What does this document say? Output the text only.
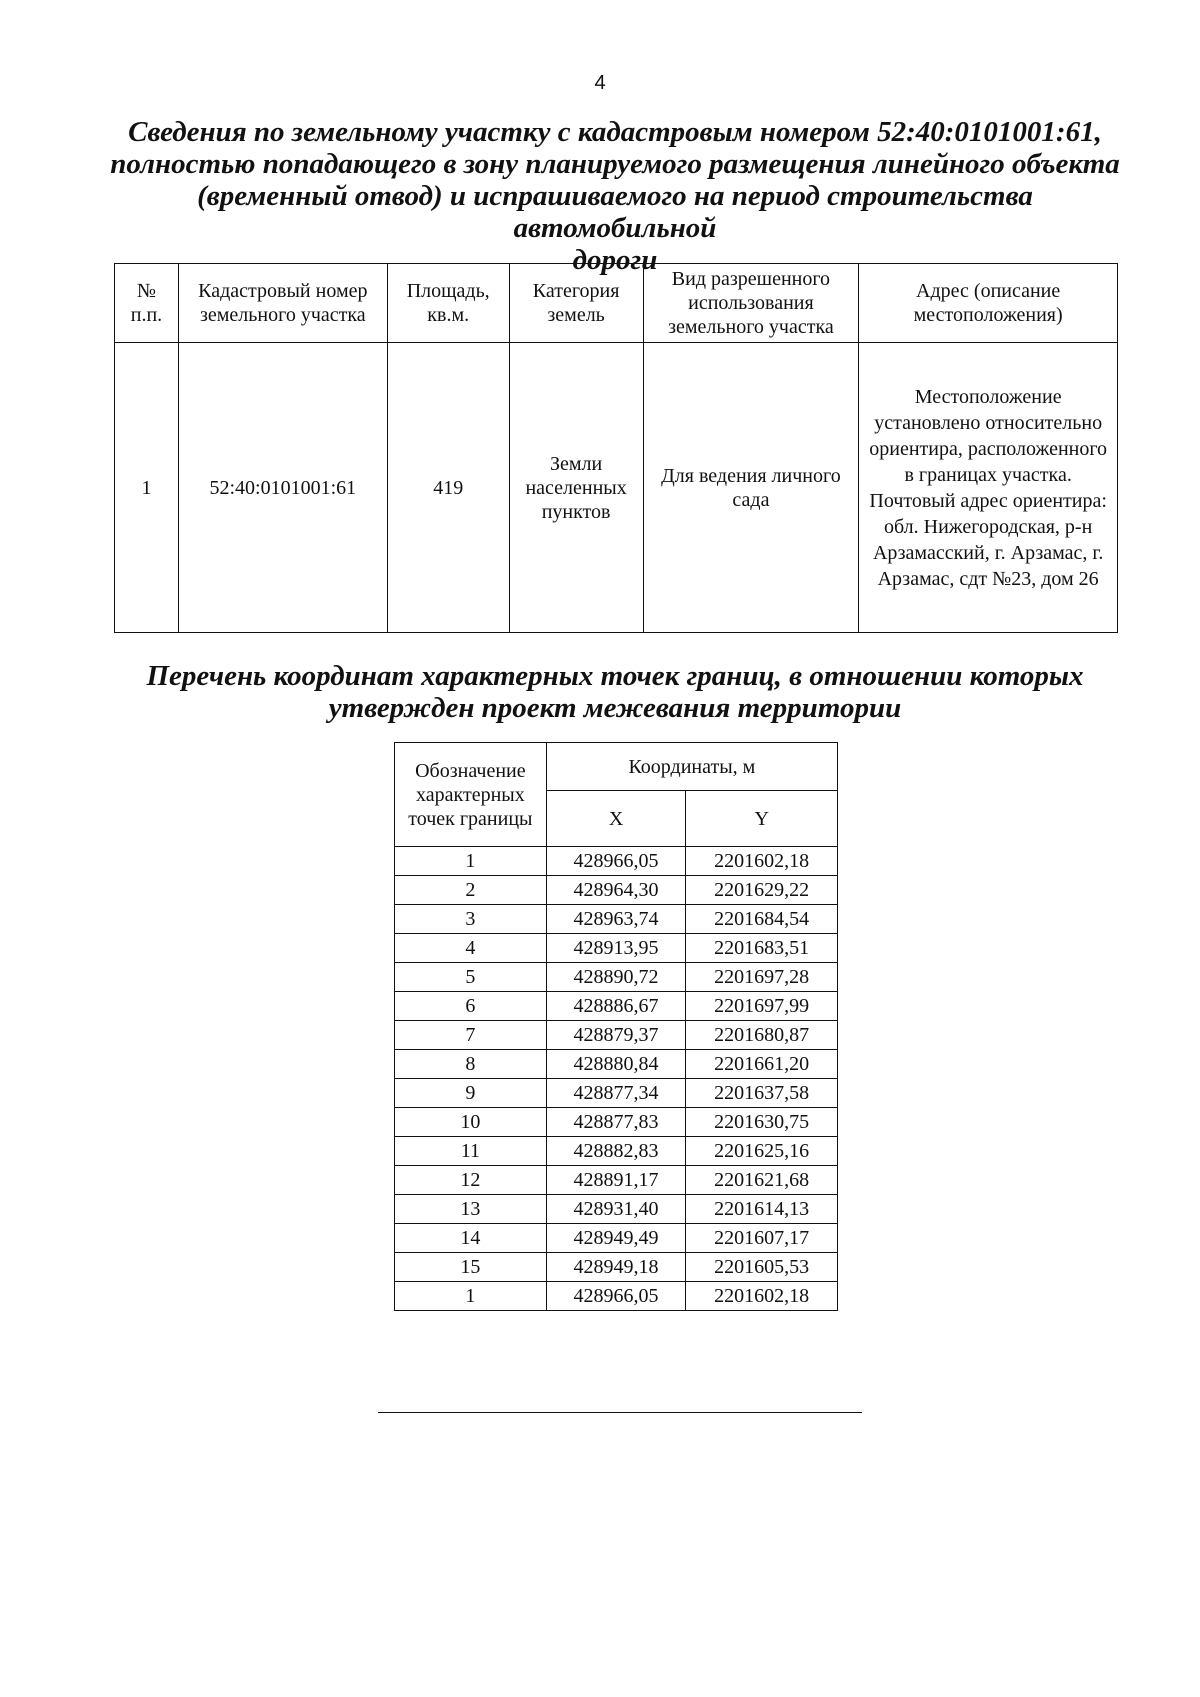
4
Сведения по земельному участку с кадастровым номером 52:40:0101001:61,
полностью попадающего в зону планируемого размещения линейного объекта
(временный отвод) и испрашиваемого на период строительства автомобильной
дороги
№ п.п.	Кадастровый номер земельного участка	Площадь, кв.м.	Категория земель	Вид разрешенного использования земельного участка	Адрес (описание местоположения)
1	52:40:0101001:61	419	Земли населенных пунктов	Для ведения личного сада	Местоположение установлено относительно ориентира, расположенного в границах участка. Почтовый адрес ориентира: обл. Нижегородская, р-н Арзамасский, г. Арзамас, г. Арзамас, сдт №23, дом 26
Перечень координат характерных точек границ, в отношении которых
утвержден проект межевания территории
Обозначение характерных точек границы	Координаты, м	
	X	Y
1	428966,05	2201602,18
2	428964,30	2201629,22
3	428963,74	2201684,54
4	428913,95	2201683,51
5	428890,72	2201697,28
6	428886,67	2201697,99
7	428879,37	2201680,87
8	428880,84	2201661,20
9	428877,34	2201637,58
10	428877,83	2201630,75
11	428882,83	2201625,16
12	428891,17	2201621,68
13	428931,40	2201614,13
14	428949,49	2201607,17
15	428949,18	2201605,53
1	428966,05	2201602,18
